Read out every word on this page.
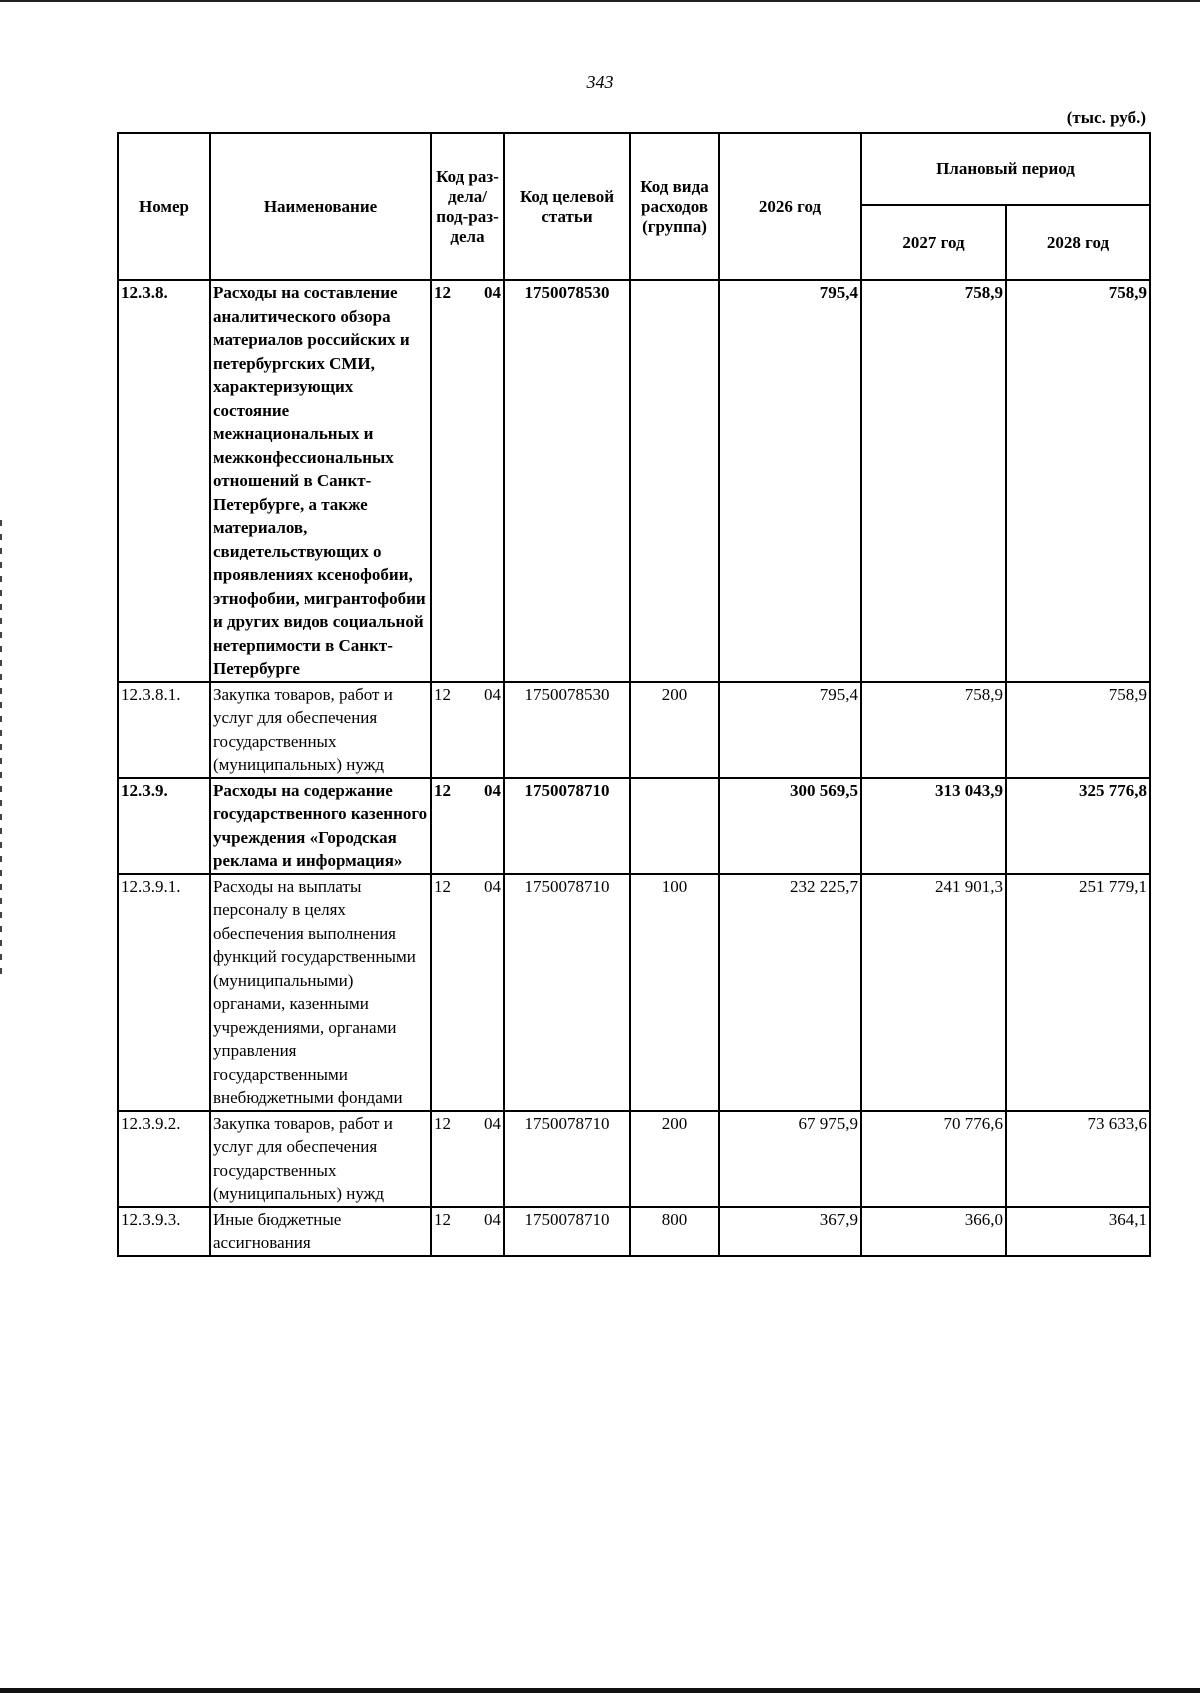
343
(тыс. руб.)
Номер	Наименование	Код раз-дела/ под-раз-дела	Код целевой статьи	Код вида расходов (группа)	2026 год	Плановый период	
						2027 год	2028 год
12.3.8.	Расходы на составление аналитического обзора материалов российских и петербургских СМИ, характеризующих состояние межнациональных и межконфессиональных отношений в Санкт-Петербурге, а также материалов, свидетельствующих о проявлениях ксенофобии, этнофобии, мигрантофобии и других видов социальной нетерпимости в Санкт-Петербурге	12 04	1750078530		795,4	758,9	758,9
12.3.8.1.	Закупка товаров, работ и услуг для обеспечения государственных (муниципальных) нужд	12 04	1750078530	200	795,4	758,9	758,9
12.3.9.	Расходы на содержание государственного казенного учреждения «Городская реклама и информация»	12 04	1750078710		300 569,5	313 043,9	325 776,8
12.3.9.1.	Расходы на выплаты персоналу в целях обеспечения выполнения функций государственными (муниципальными) органами, казенными учреждениями, органами управления государственными внебюджетными фондами	12 04	1750078710	100	232 225,7	241 901,3	251 779,1
12.3.9.2.	Закупка товаров, работ и услуг для обеспечения государственных (муниципальных) нужд	12 04	1750078710	200	67 975,9	70 776,6	73 633,6
12.3.9.3.	Иные бюджетные ассигнования	12 04	1750078710	800	367,9	366,0	364,1
